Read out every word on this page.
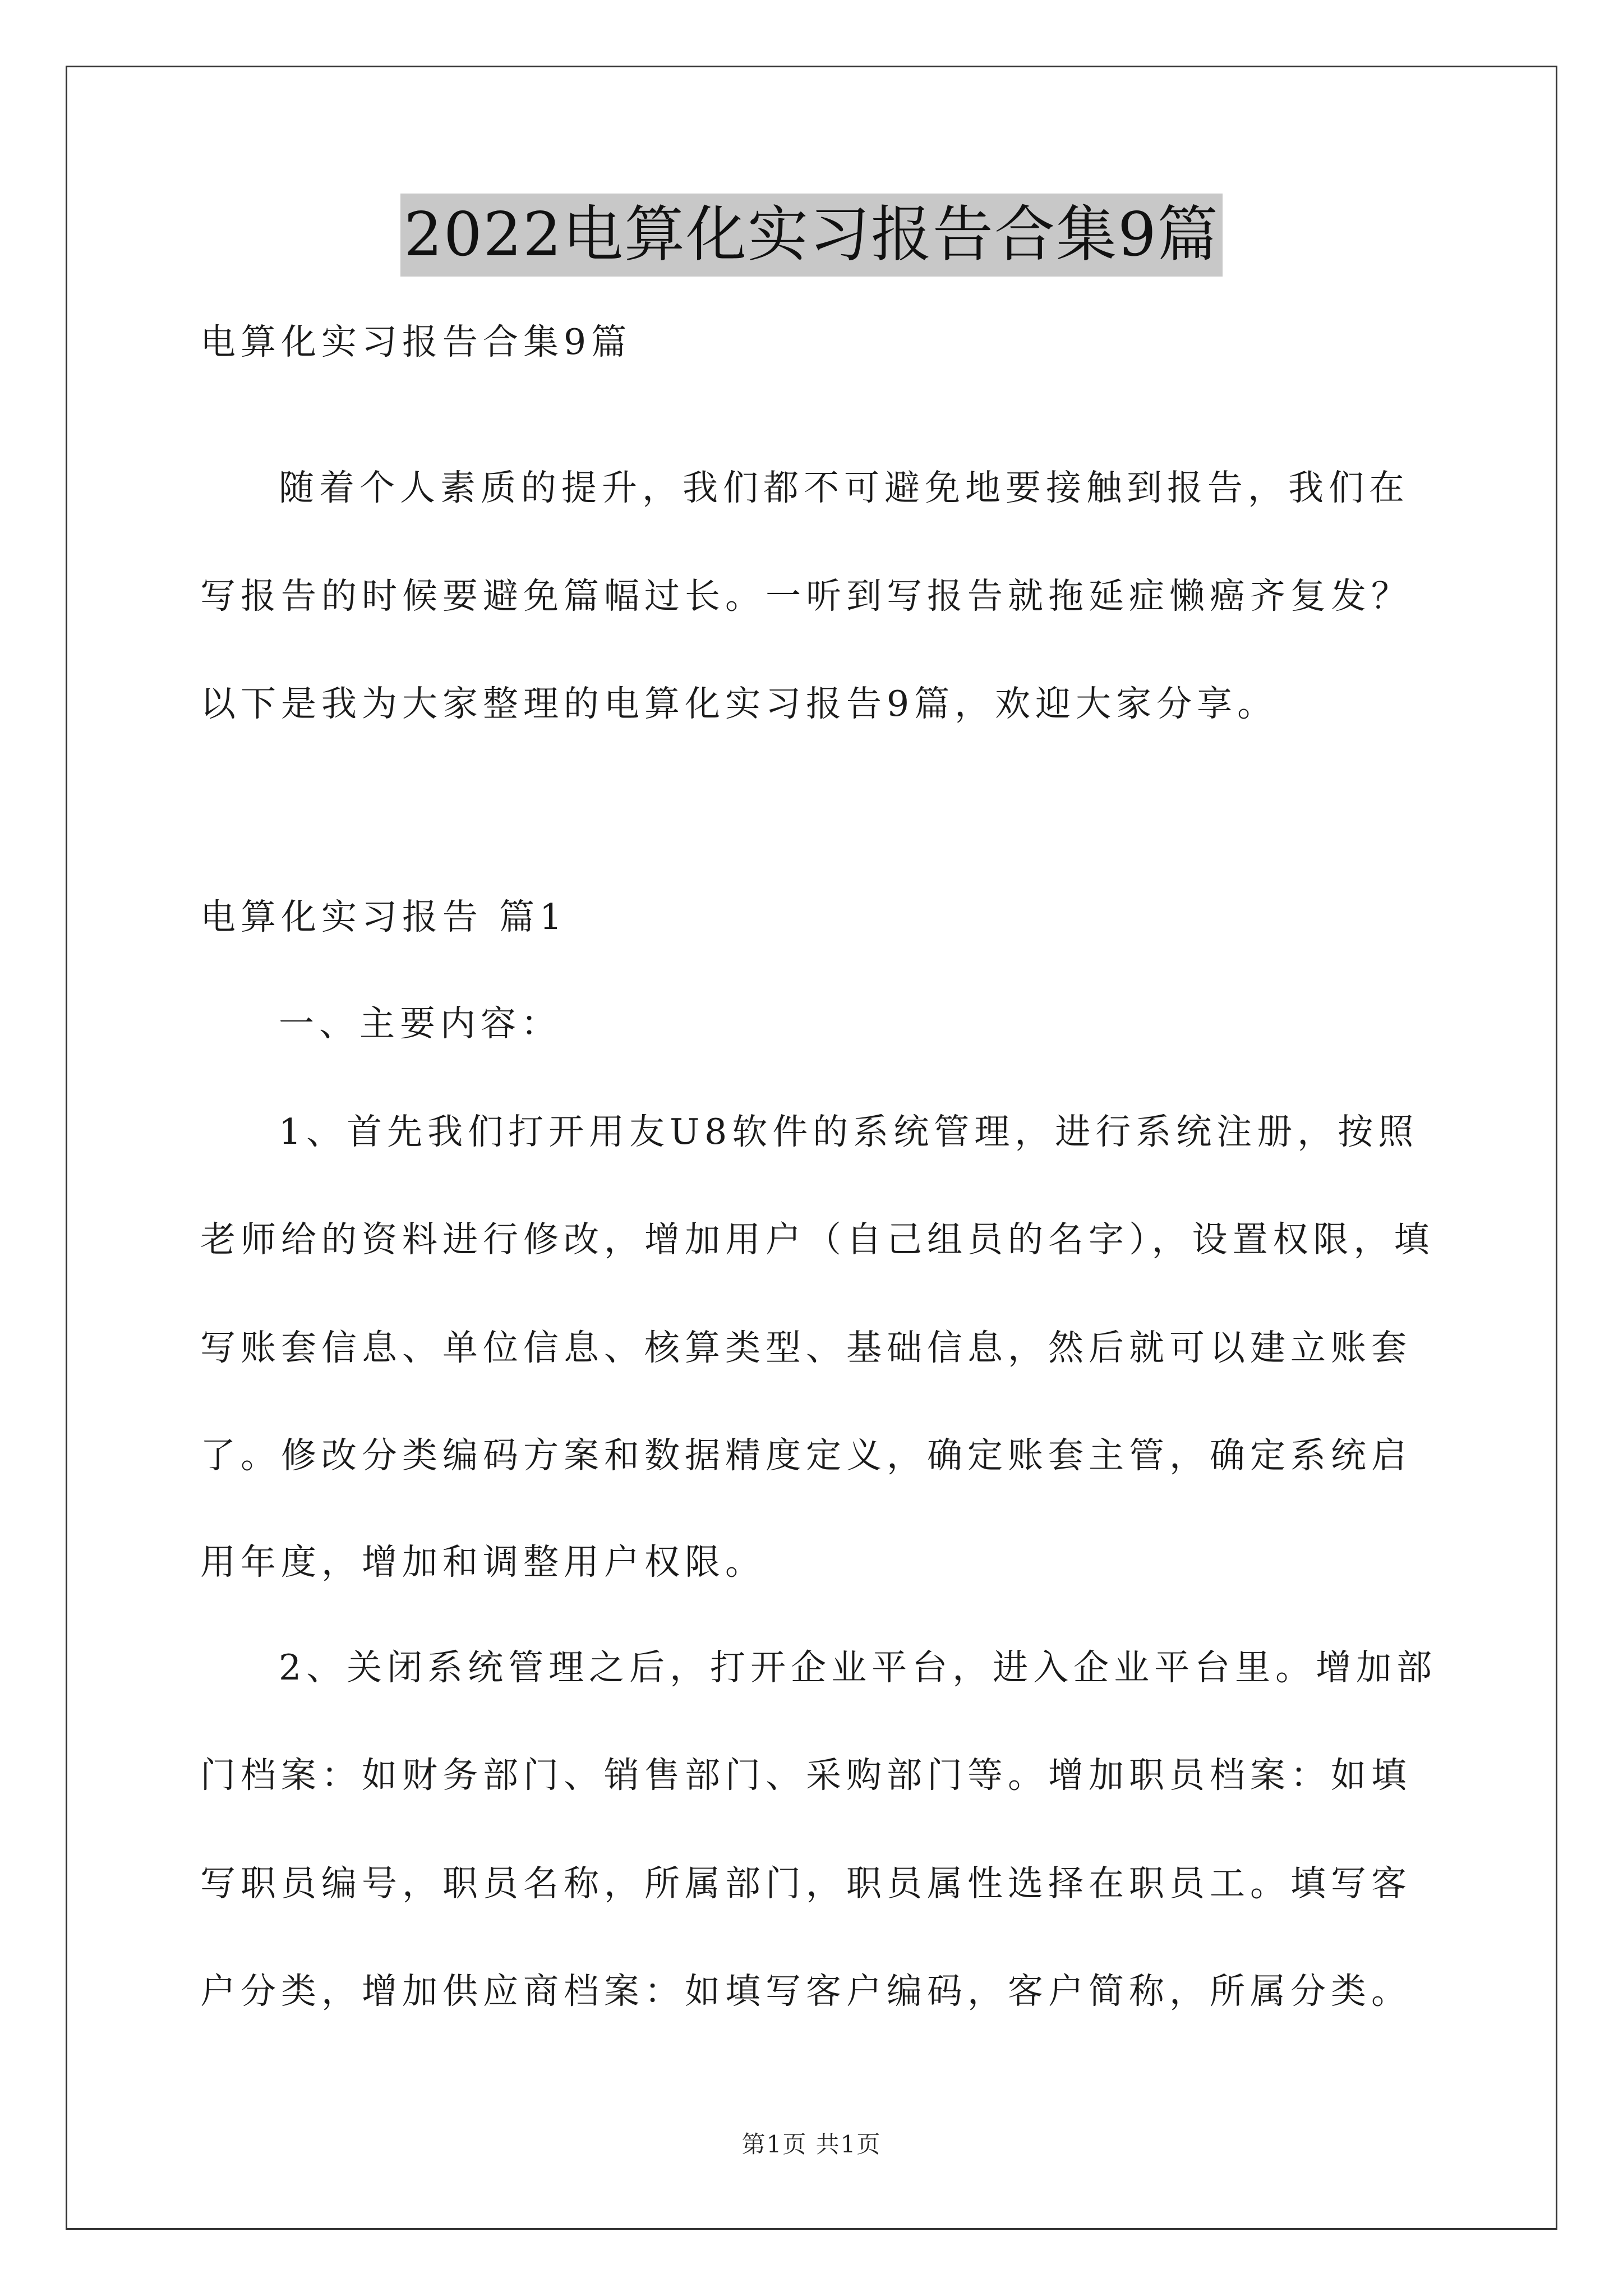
2022电算化实习报告合集9篇
电算化实习报告合集9篇
随着个人素质的提升，我们都不可避免地要接触到报告，我们在
写报告的时候要避免篇幅过长。一听到写报告就拖延症懒癌齐复发？
以下是我为大家整理的电算化实习报告9篇，欢迎大家分享。
电算化实习报告 篇1
一、主要内容：
1、首先我们打开用友U8软件的系统管理，进行系统注册，按照
老师给的资料进行修改，增加用户（自己组员的名字），设置权限，填
写账套信息、单位信息、核算类型、基础信息，然后就可以建立账套
了。修改分类编码方案和数据精度定义，确定账套主管，确定系统启
用年度，增加和调整用户权限。
2、关闭系统管理之后，打开企业平台，进入企业平台里。增加部
门档案：如财务部门、销售部门、采购部门等。增加职员档案：如填
写职员编号，职员名称，所属部门，职员属性选择在职员工。填写客
户分类，增加供应商档案：如填写客户编码，客户简称，所属分类。
第1页 共1页
